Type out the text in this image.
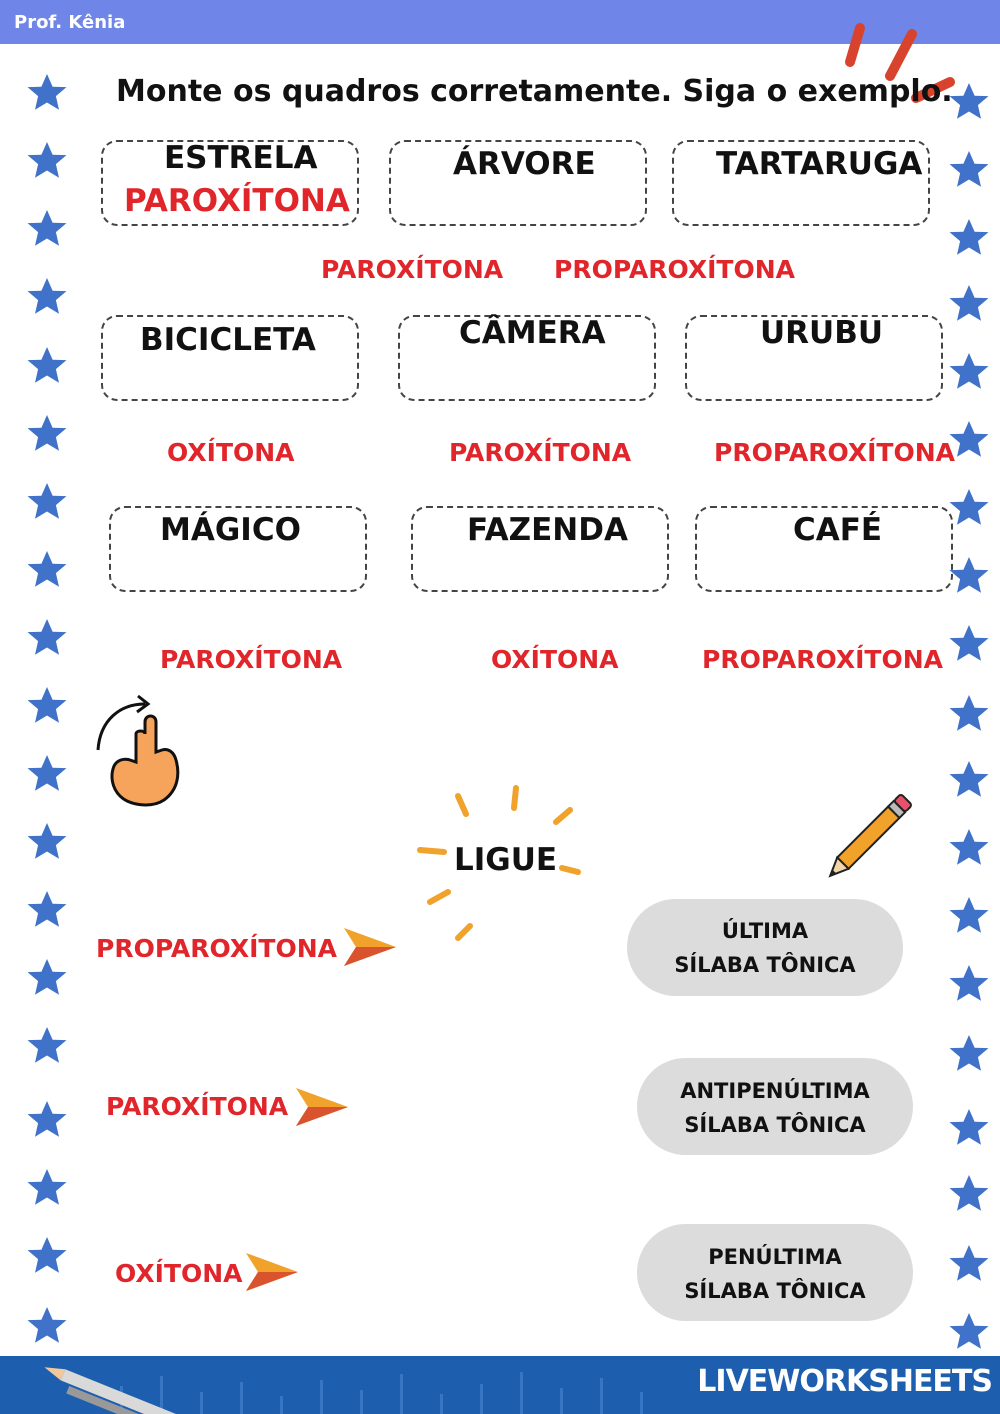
Prof. Kênia
Monte os quadros corretamente. Siga o exemplo.
ESTRELA
PAROXÍTONA
ÁRVORE	TARTARUGA
PAROXÍTONA PROPAROXÍTONA
BICICLETA	CÂMERA	URUBU
OXÍTONA	PAROXÍTONA	PROPAROXÍTONA
MÁGICO	FAZENDA	CAFÉ
PAROXÍTONA	OXÍTONA	PROPAROXÍTONA
LIGUE
PROPAROXÍTONA
PAROXÍTONA
OXÍTONA
ÚLTIMA
SÍLABA TÔNICA
ANTIPENÚLTIMA
SÍLABA TÔNICA
PENÚLTIMA
SÍLABA TÔNICA
LIVEWORKSHEETS
